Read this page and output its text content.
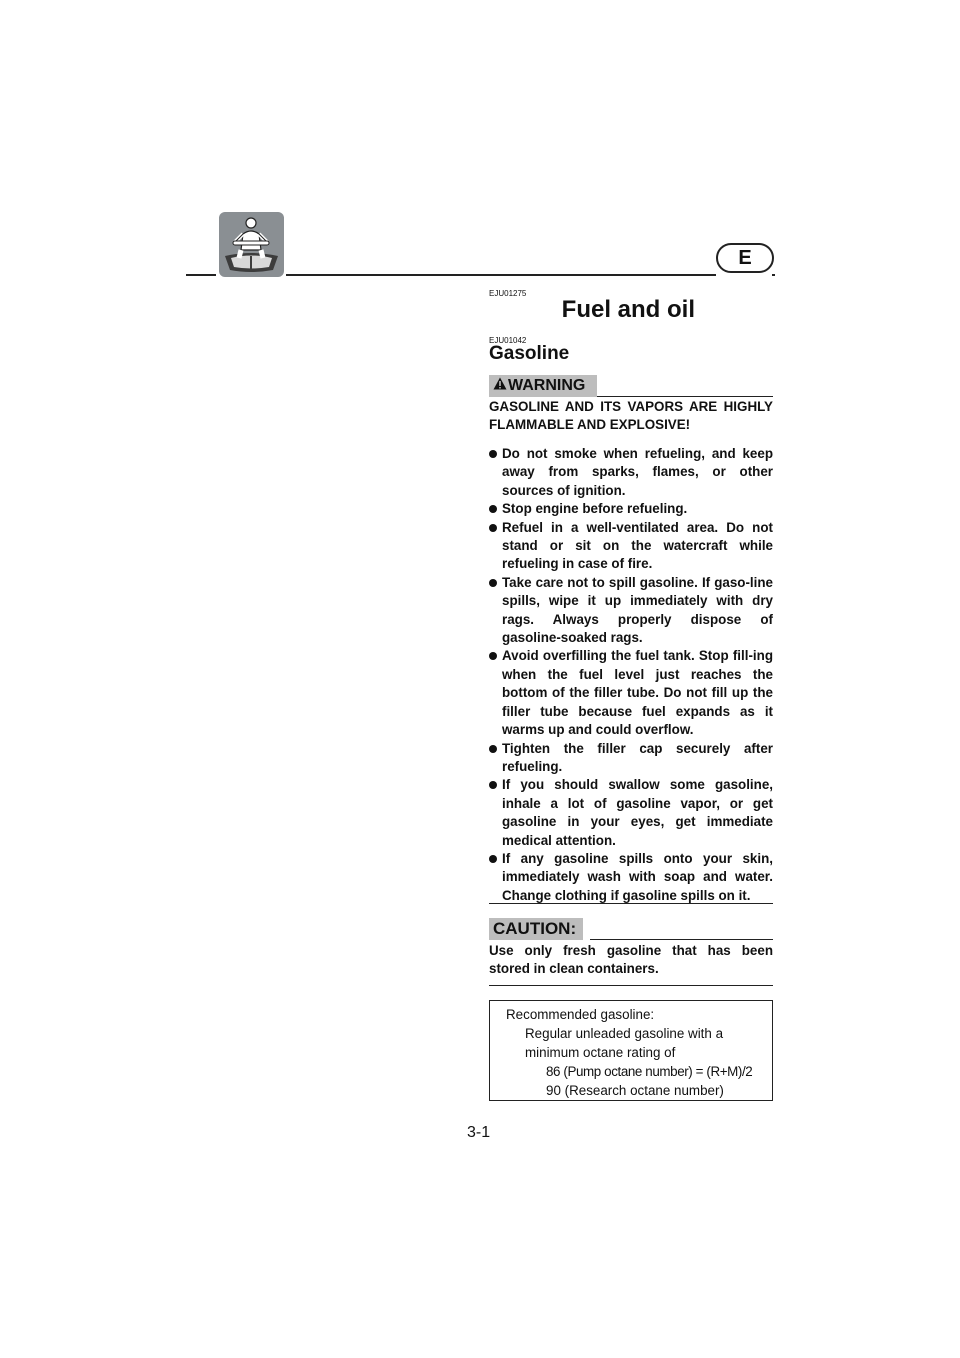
E
EJU01275
Fuel and oil
EJU01042
Gasoline
WARNING
GASOLINE AND ITS VAPORS ARE HIGHLY FLAMMABLE AND EXPLOSIVE!
Do not smoke when refueling, and keep away from sparks, flames, or other sources of ignition.
Stop engine before refueling.
Refuel in a well-ventilated area. Do not stand or sit on the watercraft while refueling in case of fire.
Take care not to spill gasoline. If gaso-line spills, wipe it up immediately with dry rags. Always properly dispose of gasoline-soaked rags.
Avoid overfilling the fuel tank. Stop fill-ing when the fuel level just reaches the bottom of the filler tube. Do not fill up the filler tube because fuel expands as it warms up and could overflow.
Tighten the filler cap securely after refueling.
If you should swallow some gasoline, inhale a lot of gasoline vapor, or get gasoline in your eyes, get immediate medical attention.
If any gasoline spills onto your skin, immediately wash with soap and water. Change clothing if gasoline spills on it.
CAUTION:
Use only fresh gasoline that has been stored in clean containers.
Recommended gasoline:
Regular unleaded gasoline with a
minimum octane rating of
86 (Pump octane number) = (R+M)/2
90 (Research octane number)
3-1
